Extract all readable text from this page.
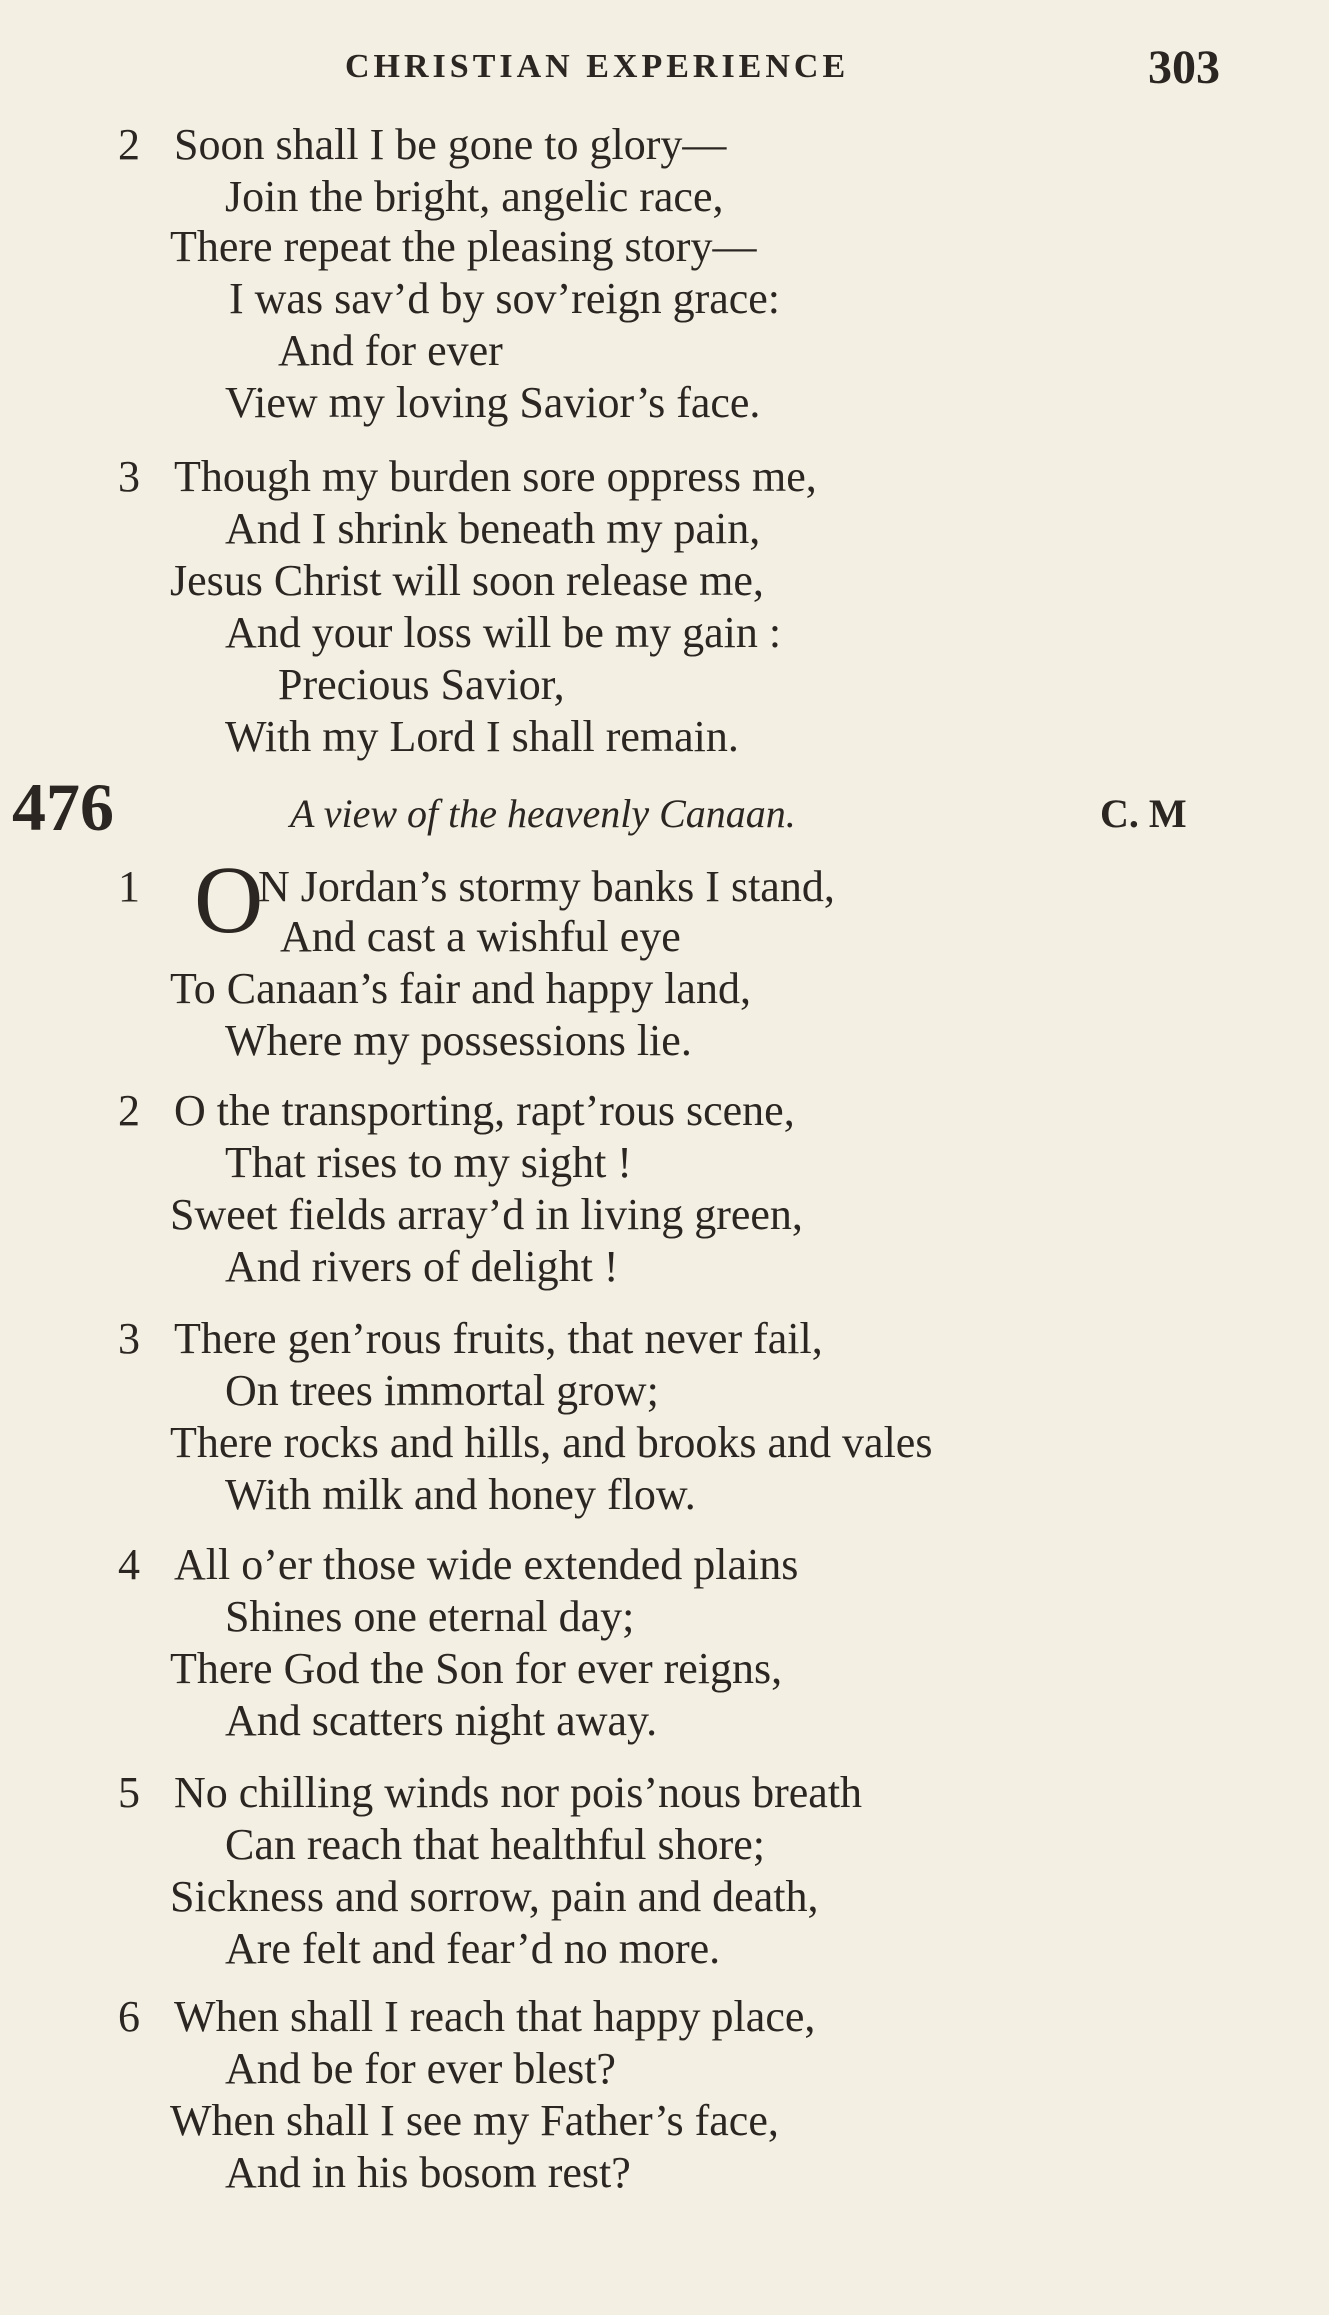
CHRISTIAN EXPERIENCE	303
2 Soon shall I be gone to glory—
Join the bright, angelic race,
There repeat the pleasing story—
I was sav’d by sov’reign grace:
And for ever
View my loving Savior’s face.
3 Though my burden sore oppress me,
And I shrink beneath my pain,
Jesus Christ will soon release me,
And your loss will be my gain :
Precious Savior,
With my Lord I shall remain.
476	A view of the heavenly Canaan.	C. M
1 O
N Jordan’s stormy banks I stand,
And cast a wishful eye
To Canaan’s fair and happy land,
Where my possessions lie.
2 O the transporting, rapt’rous scene,
That rises to my sight !
Sweet fields array’d in living green,
And rivers of delight !
3 There gen’rous fruits, that never fail,
On trees immortal grow;
There rocks and hills, and brooks and vales
With milk and honey flow.
4 All o’er those wide extended plains
Shines one eternal day;
There God the Son for ever reigns,
And scatters night away.
5 No chilling winds nor pois’nous breath
Can reach that healthful shore;
Sickness and sorrow, pain and death,
Are felt and fear’d no more.
6 When shall I reach that happy place,
And be for ever blest?
When shall I see my Father’s face,
And in his bosom rest?
